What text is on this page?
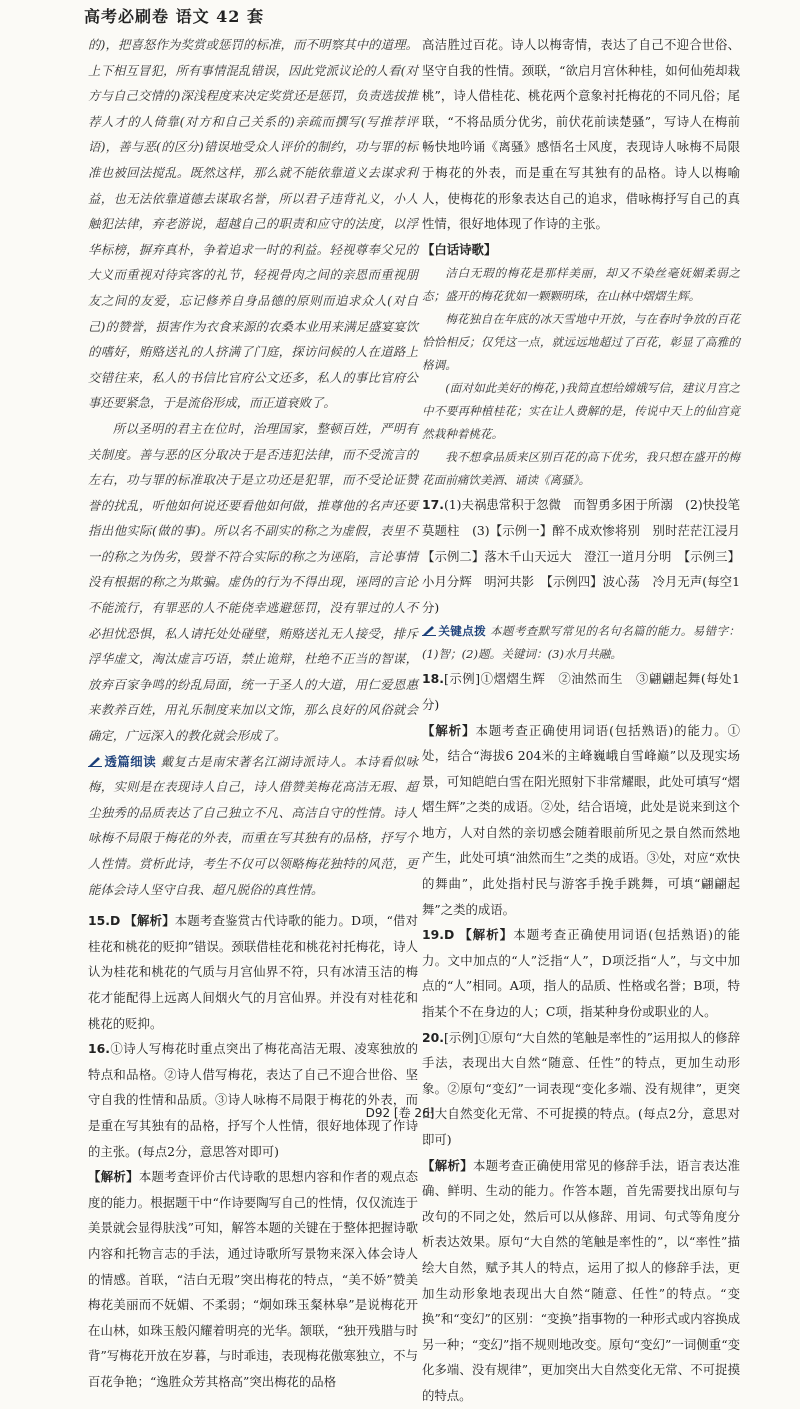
高考必刷卷 语文 42 套

的)，把喜怒作为奖赏或惩罚的标准，而不明察其中的道理。上下相互冒犯，所有事情混乱错误，因此党派议论的人看(对方与自己交情的)深浅程度来决定奖赏还是惩罚，负责选拔推荐人才的人倚靠(对方和自己关系的)亲疏而撰写(写推荐评语)，善与恶(的区分)错误地受众人评价的制约，功与罪的标准也被回法搅乱。既然这样，那么就不能依靠道义去谋求利益，也无法依靠道德去谋取名誉，所以君子违背礼义，小人触犯法律，弃老游说，超越自己的职责和应守的法度，以浮华标榜，摒弃真朴，争着追求一时的利益。轻视尊奉父兄的大义而重视对待宾客的礼节，轻视骨肉之间的亲恩而重视朋友之间的友爱，忘记修养自身品德的原则而追求众人(对自己)的赞誉，损害作为衣食来源的农桑本业用来满足盛宴宴饮的嗜好，贿赂送礼的人挤满了门庭，探访问候的人在道路上交错往来，私人的书信比官府公文还多，私人的事比官府公事还要紧急，于是流俗形成，而正道衰败了。

所以圣明的君主在位时，治理国家，整顿百姓，严明有关制度。善与恶的区分取决于是否违犯法律，而不受流言的左右，功与罪的标准取决于是立功还是犯罪，而不受论证赞誉的扰乱，听他如何说还要看他如何做，推尊他的名声还要指出他实际(做的事)。所以名不副实的称之为虚假，表里不一的称之为伪劣，毁誉不符合实际的称之为诬陷，言论事情没有根据的称之为欺骗。虚伪的行为不得出现，诬罔的言论不能流行，有罪恶的人不能侥幸逃避惩罚，没有罪过的人不必担忧恐惧，私人请托处处碰壁，贿赂送礼无人接受，排斥浮华虚文，淘汰虚言巧语，禁止诡辩，杜绝不正当的智谋，放弃百家争鸣的纷乱局面，统一于圣人的大道，用仁爱恩惠来教养百姓，用礼乐制度来加以文饰，那么良好的风俗就会确定，广远深入的教化就会形成了。

透篇细读 戴复古是南宋著名江湖诗派诗人。本诗看似咏梅，实则是在表现诗人自己，诗人借赞美梅花高洁无瑕、超尘独秀的品质表达了自己独立不凡、高洁自守的性情。诗人咏梅不局限于梅花的外表，而重在写其独有的品格，抒写个人性情。赏析此诗，考生不仅可以领略梅花独特的风范，更能体会诗人坚守自我、超凡脱俗的真性情。

15.D 【解析】本题考查鉴赏古代诗歌的能力。D项，“借对桂花和桃花的贬抑”错误。颈联借桂花和桃花衬托梅花，诗人认为桂花和桃花的气质与月宫仙界不符，只有冰清玉洁的梅花才能配得上远离人间烟火气的月宫仙界。并没有对桂花和桃花的贬抑。

16.①诗人写梅花时重点突出了梅花高洁无瑕、凌寒独放的特点和品格。②诗人借写梅花，表达了自己不迎合世俗、坚守自我的性情和品质。③诗人咏梅不局限于梅花的外表，而是重在写其独有的品格，抒写个人性情，很好地体现了作诗的主张。(每点2分，意思答对即可)

【解析】本题考查评价古代诗歌的思想内容和作者的观点态度的能力。根据题干中“作诗要陶写自己的性情，仅仅流连于美景就会显得肤浅”可知，解答本题的关键在于整体把握诗歌内容和托物言志的手法，通过诗歌所写景物来深入体会诗人的情感。首联，“洁白无瑕”突出梅花的特点，“美不娇”赞美梅花美丽而不妩媚、不柔弱；“炯如珠玉粲林皋”是说梅花开在山林，如珠玉般闪耀着明亮的光华。颔联，“独开残腊与时背”写梅花开放在岁暮，与时乖违，表现梅花傲寒独立，不与百花争艳；“逸胜众芳其格高”突出梅花的品格

高洁胜过百花。诗人以梅寄情，表达了自己不迎合世俗、坚守自我的性情。颈联，“欲启月宫休种桂，如何仙苑却栽桃”，诗人借桂花、桃花两个意象衬托梅花的不同凡俗；尾联，“不将品质分优劣，前伏花前读楚骚”，写诗人在梅前畅快地吟诵《离骚》感悟名士风度，表现诗人咏梅不局限于梅花的外表，而是重在写其独有的品格。诗人以梅喻人，使梅花的形象表达自己的追求，借咏梅抒写自己的真性情，很好地体现了作诗的主张。

【白话诗歌】

洁白无瑕的梅花是那样美丽，却又不染丝毫妩媚柔弱之态；盛开的梅花犹如一颗颗明珠，在山林中熠熠生辉。

梅花独自在年底的冰天雪地中开放，与在春时争放的百花恰恰相反；仅凭这一点，就远远地超过了百花，彰显了高雅的格调。

(面对如此美好的梅花，)我简直想给嫦娥写信，建议月宫之中不要再种植桂花；实在让人费解的是，传说中天上的仙宫竟然栽种着桃花。

我不想拿品质来区别百花的高下优劣，我只想在盛开的梅花面前痛饮美酒、诵读《离骚》。

17.(1)夫祸患常积于忽微　而智勇多困于所溺　(2)快投笔莫题柱　(3)【示例一】醉不成欢惨将别　别时茫茫江浸月【示例二】落木千山天远大　澄江一道月分明　【示例三】小月分辉　明河共影　【示例四】波心荡　冷月无声(每空1分)

关键点拨 本题考查默写常见的名句名篇的能力。易错字：(1)智；(2)题。关键词：(3)水月共融。

18.[示例]①熠熠生辉　②油然而生　③翩翩起舞(每处1分)

【解析】本题考查正确使用词语(包括熟语)的能力。①处，结合“海拔6 204米的主峰巍峨自雪峰巅”以及现实场景，可知皑皑白雪在阳光照射下非常耀眼，此处可填写“熠熠生辉”之类的成语。②处，结合语境，此处是说来到这个地方，人对自然的亲切感会随着眼前所见之景自然而然地产生，此处可填“油然而生”之类的成语。③处，对应“欢快的舞曲”，此处指村民与游客手挽手跳舞，可填“翩翩起舞”之类的成语。

19.D 【解析】本题考查正确使用词语(包括熟语)的能力。文中加点的“人”泛指“人”，D项泛指“人”，与文中加点的“人”相同。A项，指人的品质、性格或名誉；B项，特指某个不在身边的人；C项，指某种身份或职业的人。

20.[示例]①原句“大自然的笔触是率性的”运用拟人的修辞手法，表现出大自然“随意、任性”的特点，更加生动形象。②原句“变幻”一词表现“变化多端、没有规律”，更突出大自然变化无常、不可捉摸的特点。(每点2分，意思对即可)

【解析】本题考查正确使用常见的修辞手法，语言表达准确、鲜明、生动的能力。作答本题，首先需要找出原句与改句的不同之处，然后可以从修辞、用词、句式等角度分析表达效果。原句“大自然的笔触是率性的”，以“率性”描绘大自然，赋予其人的特点，运用了拟人的修辞手法，更加生动形象地表现出大自然“随意、任性”的特点。“变换”和“变幻”的区别：“变换”指事物的一种形式或内容换成另一种；“变幻”指不规则地改变。原句“变幻”一词侧重“变化多端、没有规律”，更加突出大自然变化无常、不可捉摸的特点。

D92 [卷 26]
